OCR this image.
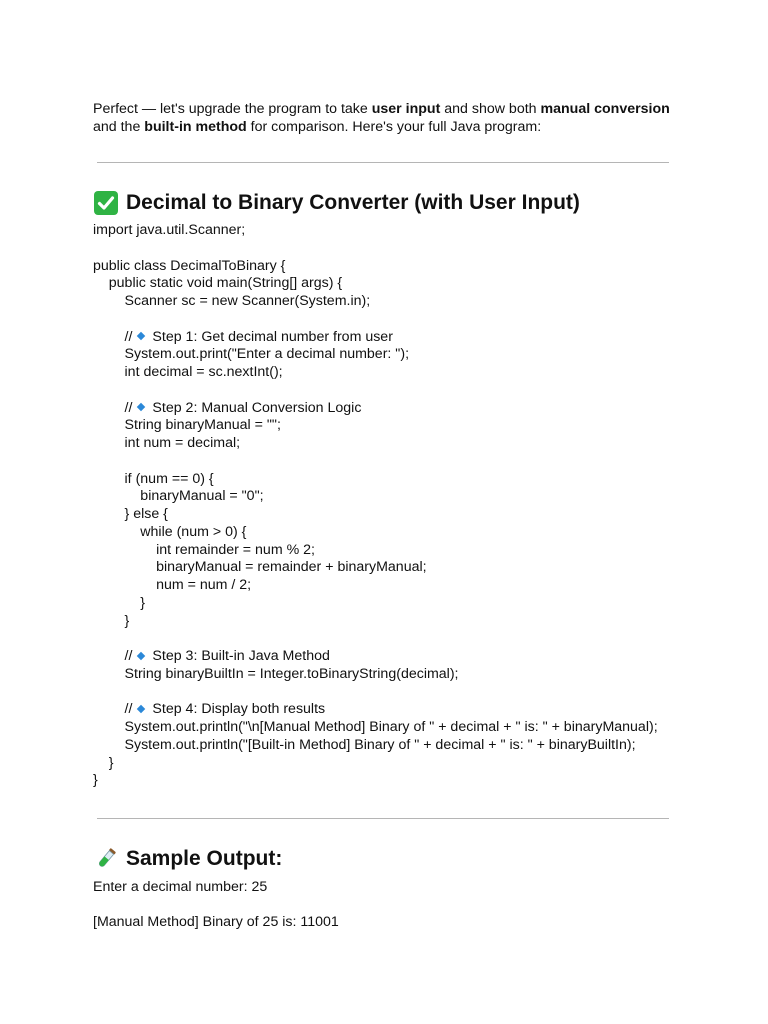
Perfect — let's upgrade the program to take user input and show both manual conversion
and the built-in method for comparison. Here's your full Java program:

Decimal to Binary Converter (with User Input)
import java.util.Scanner;

public class DecimalToBinary {
public static void main(String[] args) {
Scanner sc = new Scanner(System.in);

// Step 1: Get decimal number from user
System.out.print("Enter a decimal number: ");
int decimal = sc.nextInt();

// Step 2: Manual Conversion Logic
String binaryManual = "";
int num = decimal;

if (num == 0) {
binaryManual = "0";
} else {
while (num > 0) {
int remainder = num % 2;
binaryManual = remainder + binaryManual;
num = num / 2;
}
}

// Step 3: Built-in Java Method
String binaryBuiltIn = Integer.toBinaryString(decimal);

// Step 4: Display both results
System.out.println("\n[Manual Method] Binary of " + decimal + " is: " + binaryManual);
System.out.println("[Built-in Method] Binary of " + decimal + " is: " + binaryBuiltIn);
}
}
Sample Output:
Enter a decimal number: 25
[Manual Method] Binary of 25 is: 11001
